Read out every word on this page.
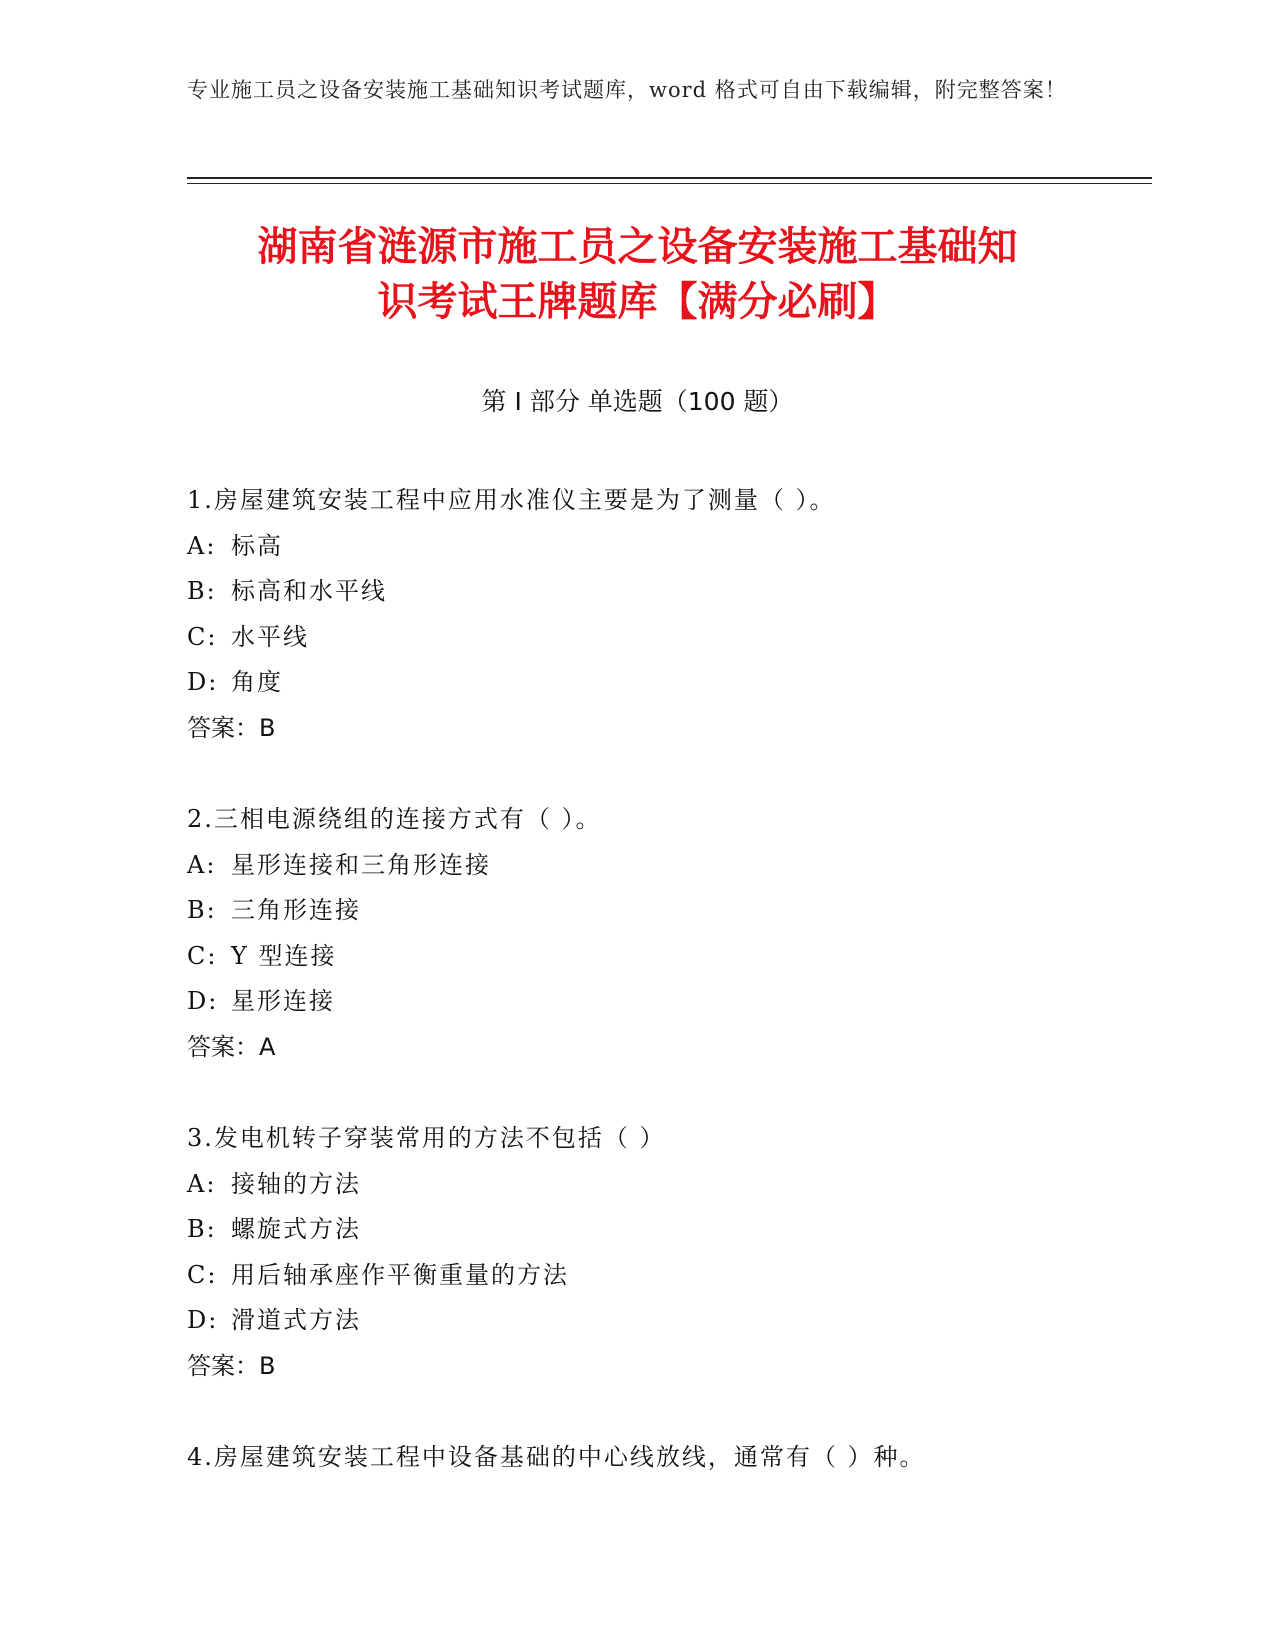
专业施工员之设备安装施工基础知识考试题库，word 格式可自由下载编辑，附完整答案！
湖南省涟源市施工员之设备安装施工基础知
识考试王牌题库【满分必刷】
第 I 部分 单选题（100 题）
1.房屋建筑安装工程中应用水准仪主要是为了测量（ ）。
A: 标高
B: 标高和水平线
C: 水平线
D: 角度
答案：B
2.三相电源绕组的连接方式有（ ）。
A: 星形连接和三角形连接
B: 三角形连接
C: Y 型连接
D: 星形连接
答案：A
3.发电机转子穿装常用的方法不包括（ ）
A: 接轴的方法
B: 螺旋式方法
C: 用后轴承座作平衡重量的方法
D: 滑道式方法
答案：B
4.房屋建筑安装工程中设备基础的中心线放线，通常有（ ）种。
